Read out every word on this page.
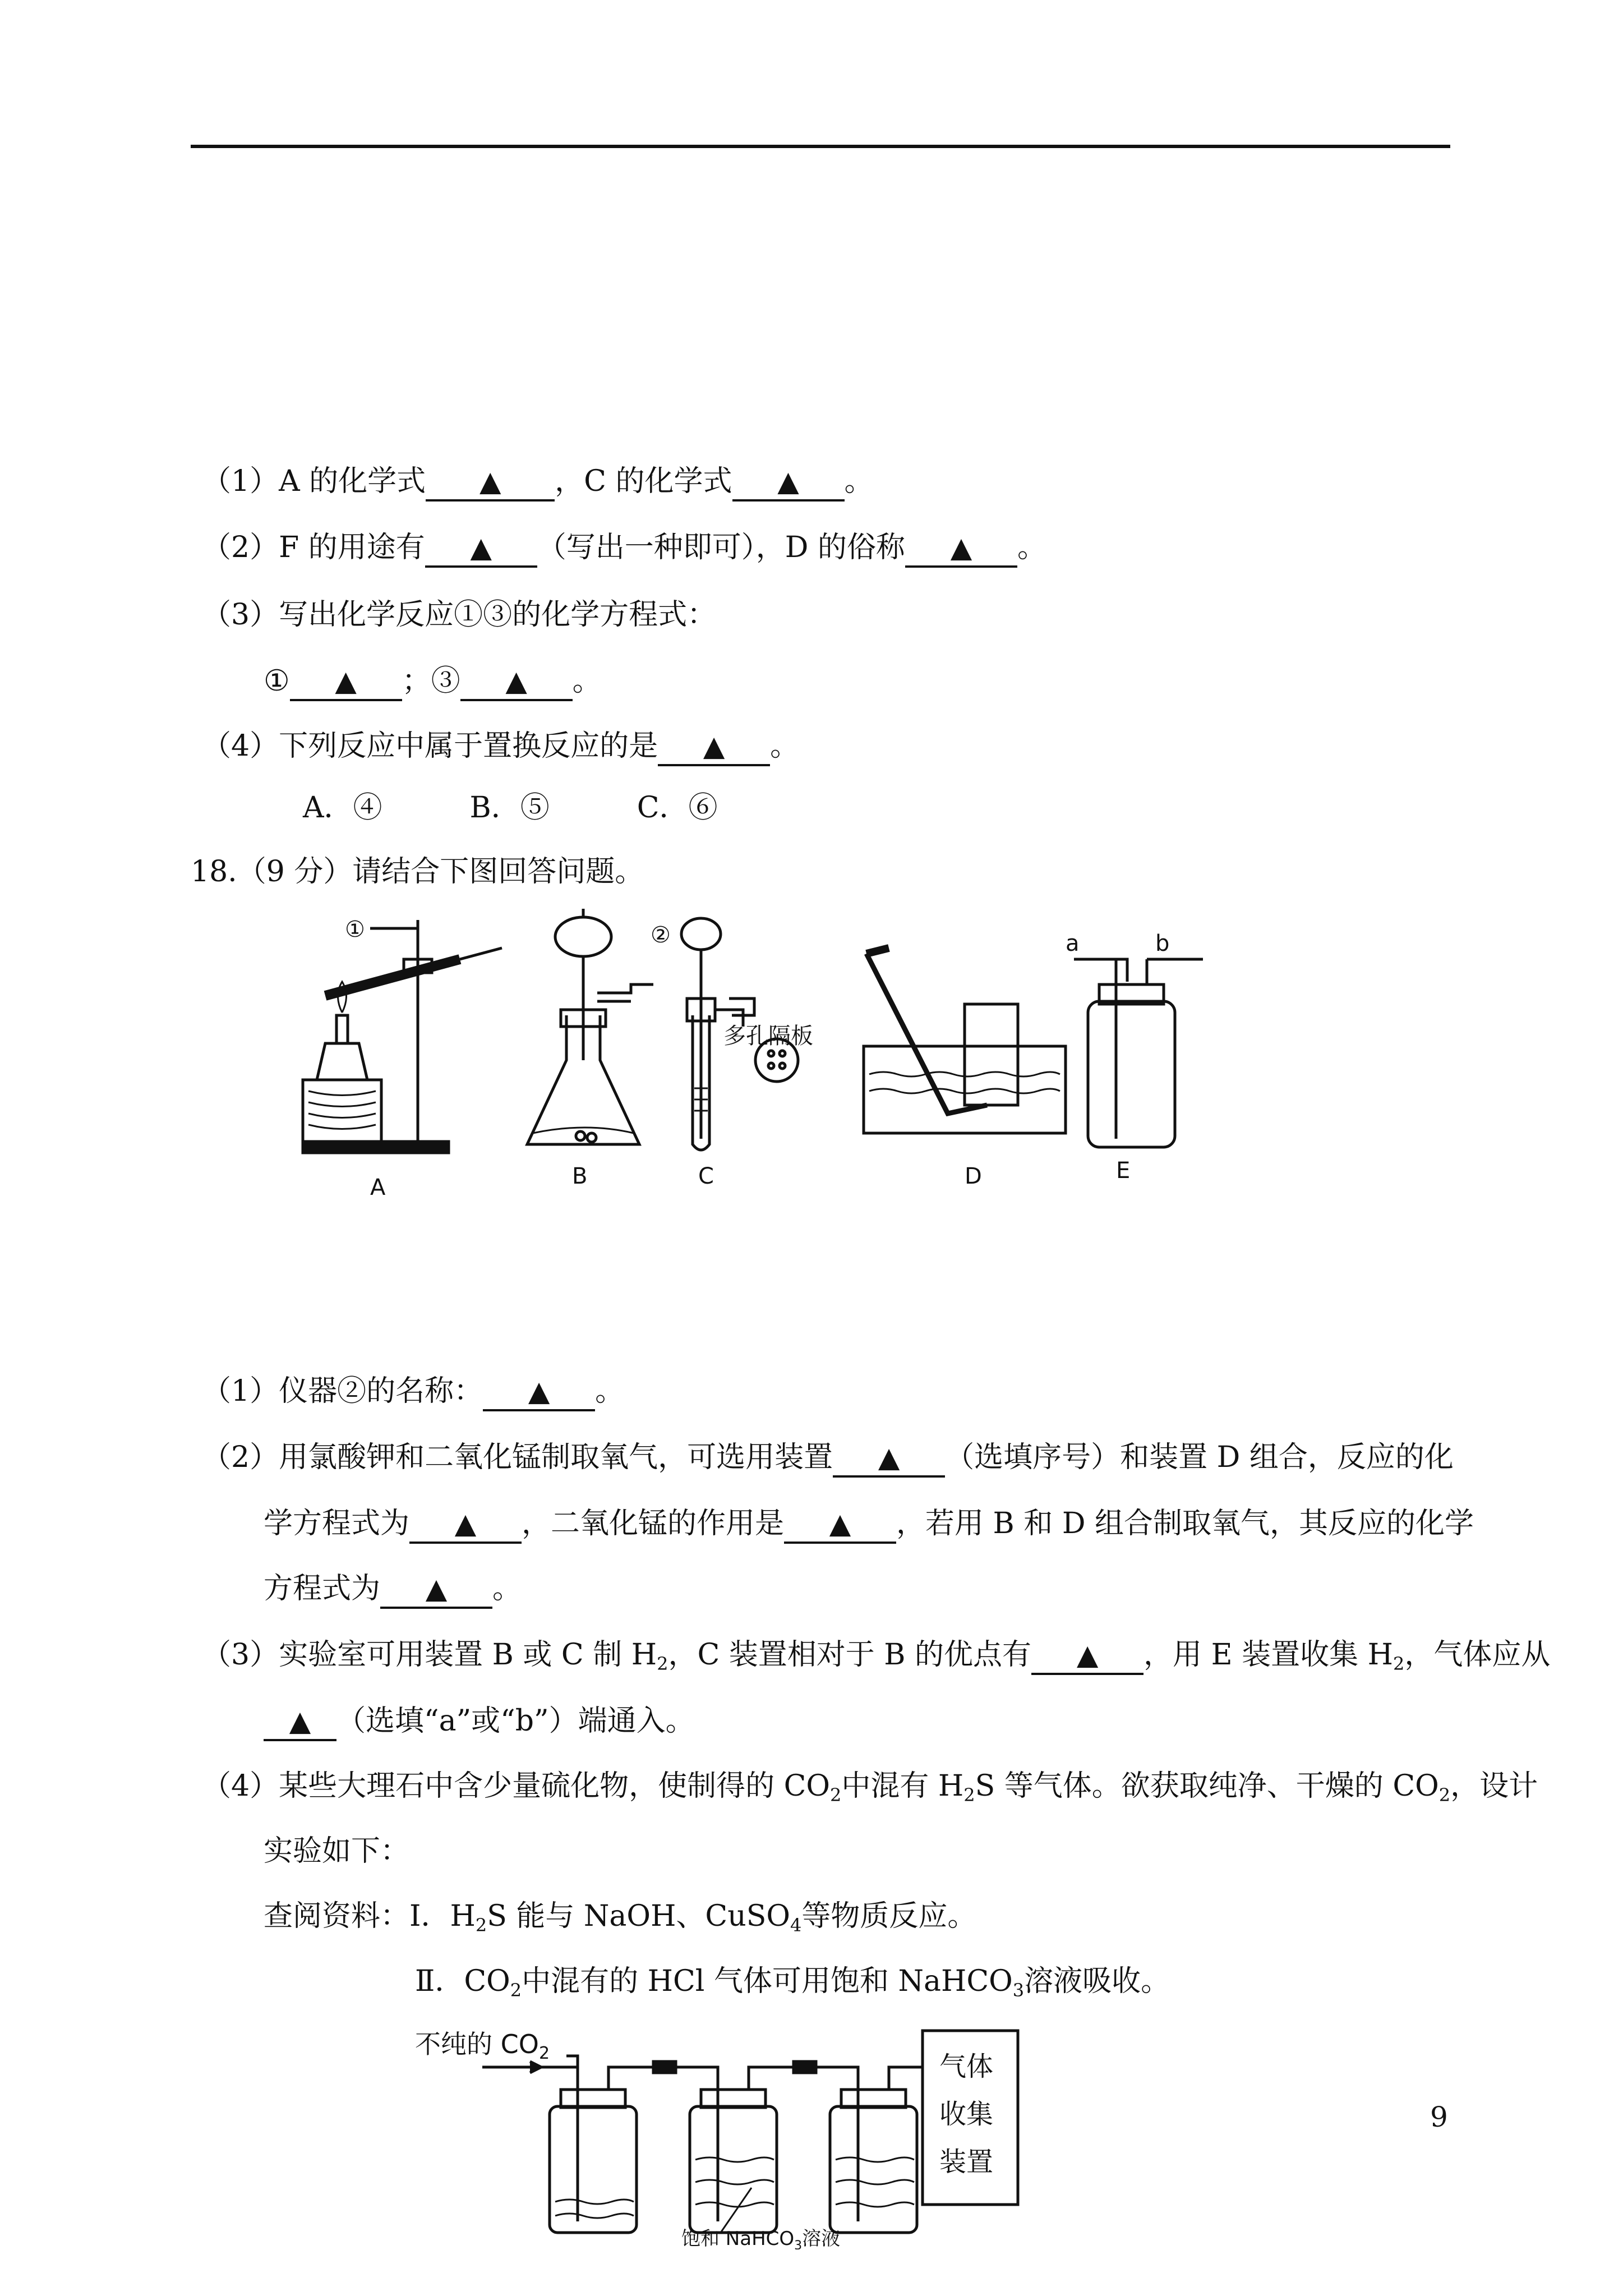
（1）A 的化学式 ▲ ，C 的化学式 ▲ 。
（2）F 的用途有 ▲ （写出一种即可），D 的俗称 ▲ 。
（3）写出化学反应①③的化学方程式：
① ▲ ；③ ▲ 。
（4）下列反应中属于置换反应的是 ▲ 。
A．④　　　B．⑤　　　C．⑥
18.（9 分）请结合下图回答问题。
A	B	C	D	E
①	②	a	b
多孔隔板
（1）仪器②的名称： ▲ 。
（2）用氯酸钾和二氧化锰制取氧气，可选用装置 ▲ （选填序号）和装置 D 组合，反应的化
学方程式为 ▲ ，二氧化锰的作用是 ▲ ，若用 B 和 D 组合制取氧气，其反应的化学
方程式为 ▲ 。
（3）实验室可用装置 B 或 C 制 $H_2$，C 装置相对于 B 的优点有 ▲ ，用 E 装置收集 $H_2$，气体应从
▲ （选填“a”或“b”）端通入。
（4）某些大理石中含少量硫化物，使制得的 $CO_2$中混有 $H_2S$ 等气体。欲获取纯净、干燥的 $CO_2$，设计
实验如下：
查阅资料：Ⅰ．$H_2S$ 能与 NaOH、CuSO$_4$等物质反应。
Ⅱ．$CO_2$中混有的 HCl 气体可用饱和 NaHCO$_3$溶液吸收。
不纯的 $CO_2$	气体
收集
装置
饱和 NaHCO$_3$溶液
9
